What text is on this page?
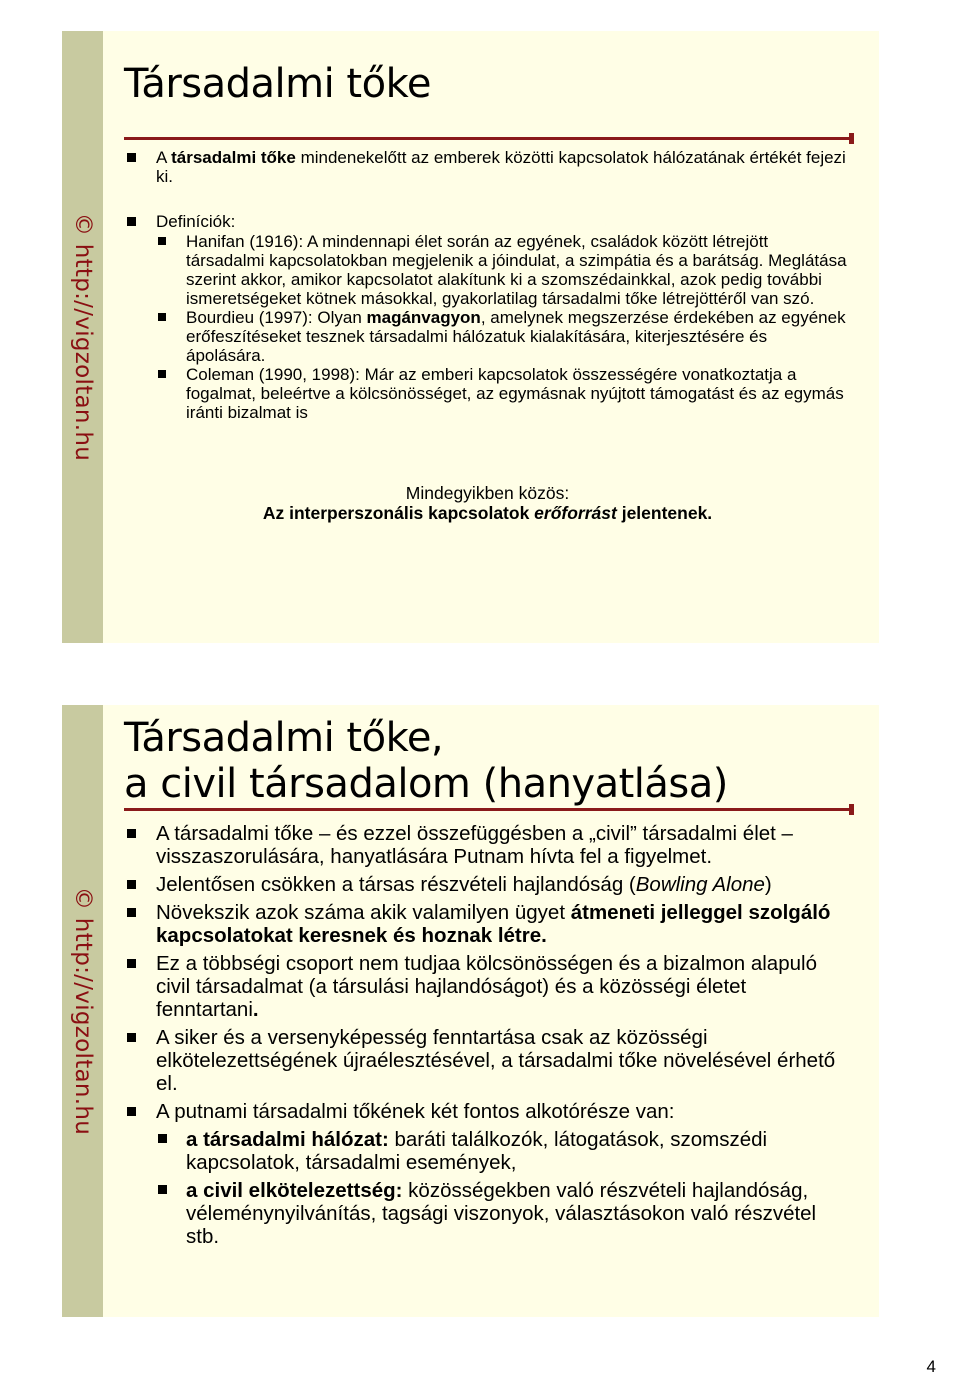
© http://vigzoltan.hu
Társadalmi tőke
A társadalmi tőke mindenekelőtt az emberek közötti kapcsolatok hálózatának értékét fejezi ki.
Definíciók:
Hanifan (1916): A mindennapi élet során az egyének, családok között létrejött társadalmi kapcsolatokban megjelenik a jóindulat, a szimpátia és a barátság. Meglátása szerint akkor, amikor kapcsolatot alakítunk ki a szomszédainkkal, azok pedig további ismeretségeket kötnek másokkal, gyakorlatilag társadalmi tőke létrejöttéről van szó.
Bourdieu (1997): Olyan magánvagyon, amelynek megszerzése érdekében az egyének erőfeszítéseket tesznek társadalmi hálózatuk kialakítására, kiterjesztésére és ápolására.
Coleman (1990, 1998): Már az emberi kapcsolatok összességére vonatkoztatja a fogalmat, beleértve a kölcsönösséget, az egymásnak nyújtott támogatást és az egymás iránti bizalmat is
Mindegyikben közös:
Az interperszonális kapcsolatok erőforrást jelentenek.
© http://vigzoltan.hu
Társadalmi tőke,
a civil társadalom (hanyatlása)
A társadalmi tőke – és ezzel összefüggésben a „civil” társadalmi élet – visszaszorulására, hanyatlására Putnam hívta fel a figyelmet.
Jelentősen csökken a társas részvételi hajlandóság (Bowling Alone)
Növekszik azok száma akik valamilyen ügyet átmeneti jelleggel szolgáló kapcsolatokat keresnek és hoznak létre.
Ez a többségi csoport nem tudjaa kölcsönösségen és a bizalmon alapuló civil társadalmat (a társulási hajlandóságot) és a közösségi életet fenntartani.
A siker és a versenyképesség fenntartása csak az közösségi elkötelezettségének újraélesztésével, a társadalmi tőke növelésével érhető el.
A putnami társadalmi tőkének két fontos alkotórésze van:
a társadalmi hálózat: baráti találkozók, látogatások, szomszédi kapcsolatok, társadalmi események,
a civil elkötelezettség: közösségekben való részvételi hajlandóság, véleménynyilvánítás, tagsági viszonyok, választásokon való részvétel stb.
4
